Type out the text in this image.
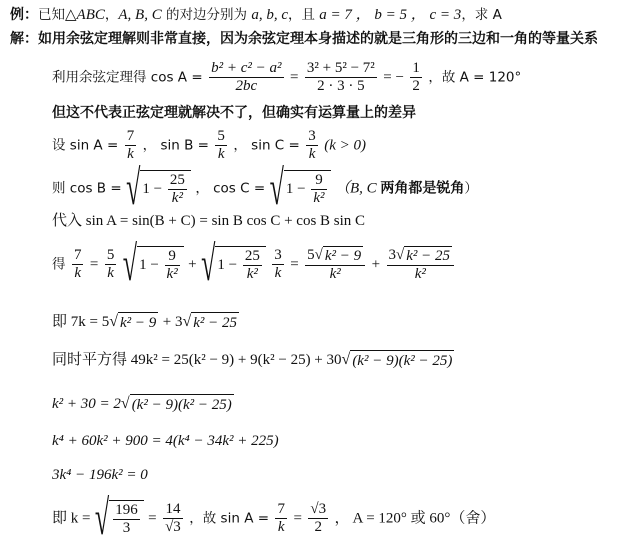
例：已知△ABC，A, B, C 的对边分别为 a, b, c，且 a = 7 ， b = 5 ， c = 3，求 A
解：如用余弦定理解则非常直接，因为余弦定理本身描述的就是三角形的三边和一角的等量关系
利用余弦定理得 $\cos A = \frac{\text{b² + c² − a²}}{2bc} = \frac{\text{3² + 5² − 7²}}{2 \cdot 3 \cdot 5}$ = − $\frac{1}{2}$ ，故 A = 120°
但这不代表正弦定理就解决不了，但确实有运算量上的差异
设 $\sin A = \frac{7}{k}$ ， $\sin B = \frac{5}{k}$ ， $\sin C = \frac{3}{k} (k > 0)$
则 cos B = √ $1 - \frac{25}{\text{k²}}$ ， cos C = √ $1 - \frac{9}{\text{k²}} (B$, C 两角都是锐角）
代入 sin A = sin(B + C) = sin B cos C + cos B sin C
得 $\frac{7}{k} = \frac{5}{k}$ √ $1 - \frac{9}{\text{k²}}$ + √ $1 - \frac{25}{\text{k²}}$
$\frac{3}{k} = \frac{\text{5√ k² − 9}}{\text{k²}} + \frac{\text{3√ k² − 25}}{\text{k²}}$
即 7k = 5√ k² − 9 + 3√ k² − 25
同时平方得 49k² = 25(k² − 9) + 9(k² − 25) + 30√ (k² − 9)(k² − 25)
k² + 30 = 2√ (k² − 9)(k² − 25)
k⁴ + 60k² + 900 = 4(k⁴ − 34k² + 225)
3k⁴ − 196k² = 0
即 k = √ $\frac{196}{3} = \frac{14}{√3}$ ，故 $\sin A = \frac{7}{k} = \frac{√3}{2}$ ， A = 120° 或 60°（舍）
